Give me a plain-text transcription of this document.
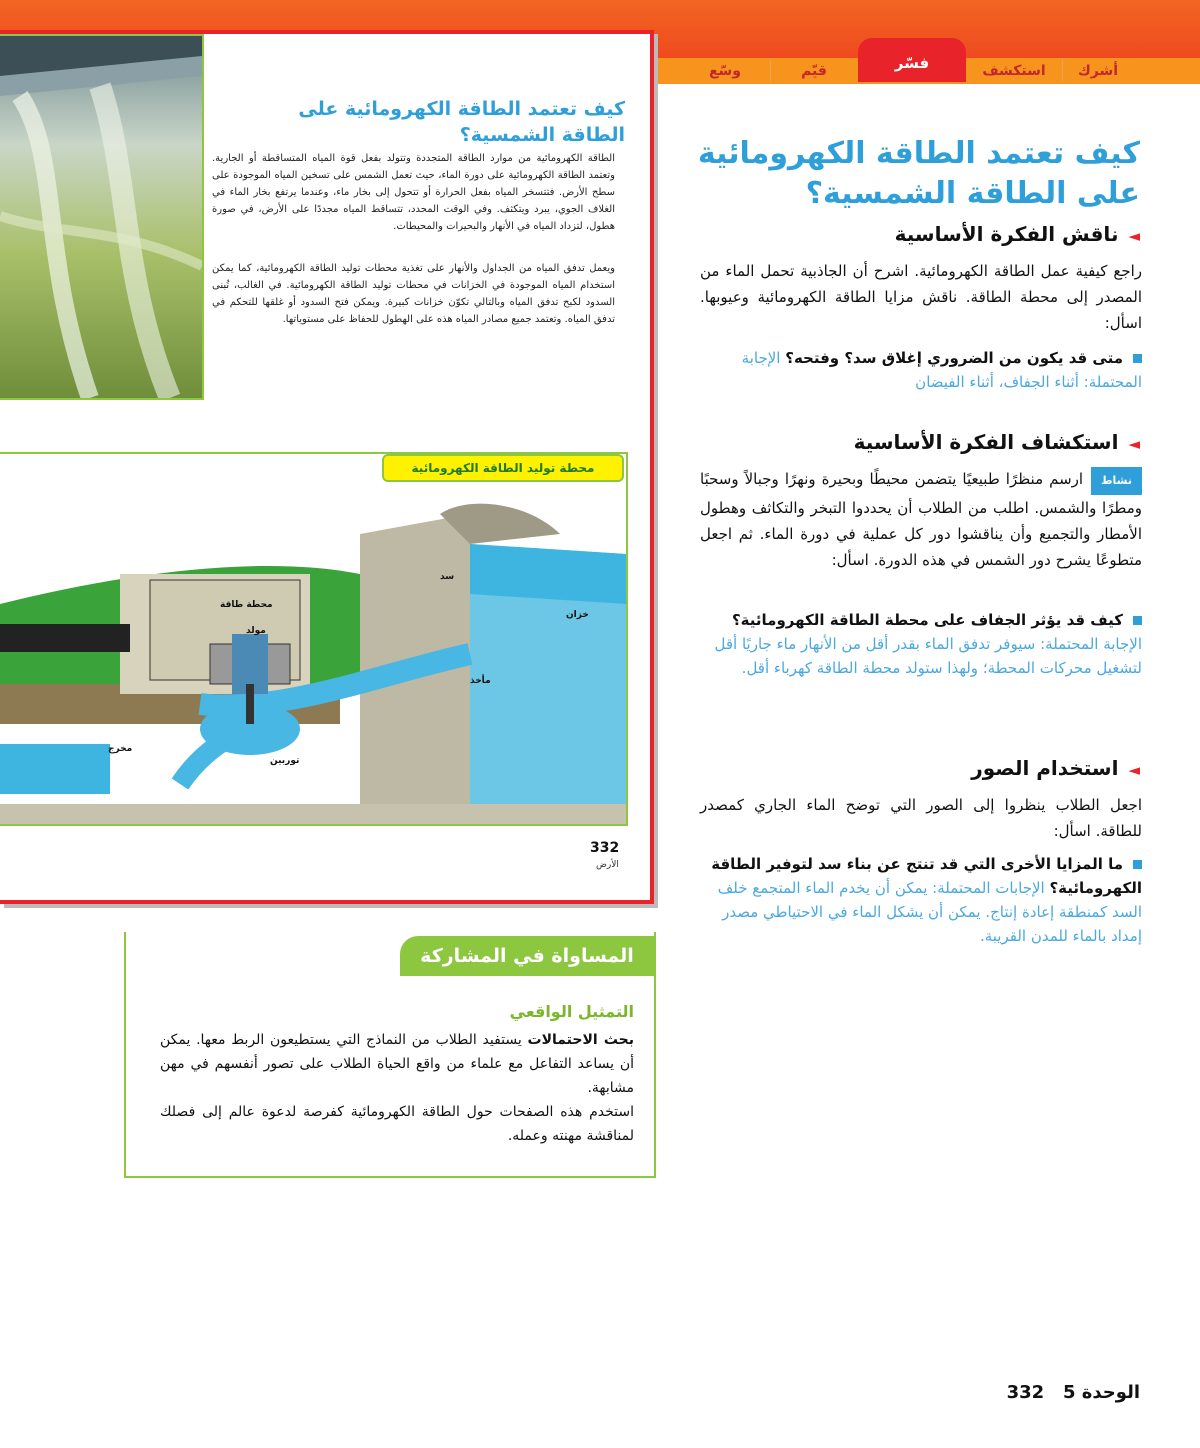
أشرك
استكشف
فسّر
قيّم
وسّع
كيف تعتمد الطاقة الكهرومائية على الطاقة الشمسية؟
الطاقة الكهرومائية من موارد الطاقة المتجددة وتتولد بفعل قوة المياه المتساقطة أو الجارية. وتعتمد الطاقة الكهرومائية على دورة الماء، حيث تعمل الشمس على تسخين المياه الموجودة على سطح الأرض. فتتسخر المياه بفعل الحرارة أو تتحول إلى بخار ماء، وعندما يرتفع بخار الماء في الغلاف الجوي، يبرد ويتكثف. وفي الوقت المحدد، تتساقط المياه مجددًا على الأرض، في صورة هطول، لتزداد المياه في الأنهار والبحيرات والمحيطات.
ويعمل تدفق المياه من الجداول والأنهار على تغذية محطات توليد الطاقة الكهرومائية، كما يمكن استخدام المياه الموجودة في الخزانات في محطات توليد الطاقة الكهرومائية. في الغالب، تُبنى السدود لكبح تدفق المياه وبالتالي تكوّن خزانات كبيرة. ويمكن فتح السدود أو غلقها للتحكم في تدفق المياه. وتعتمد جميع مصادر المياه هذه على الهطول للحفاظ على مستوياتها.
محطة توليد الطاقة الكهرومائية
سد
خزان
محطة طاقة
مولد
مأخذ
مخرج
توربين
332
الأرض
كيف تعتمد الطاقة الكهرومائية على الطاقة الشمسية؟
◄ناقش الفكرة الأساسية
راجع كيفية عمل الطاقة الكهرومائية. اشرح أن الجاذبية تحمل الماء من المصدر إلى محطة الطاقة. ناقش مزايا الطاقة الكهرومائية وعيوبها. اسأل:
متى قد يكون من الضروري إغلاق سد؟ وفتحه؟ الإجابة المحتملة: أثناء الجفاف، أثناء الفيضان
◄استكشاف الفكرة الأساسية
نشاطارسم منظرًا طبيعيًا يتضمن محيطًا وبحيرة ونهرًا وجبالاً وسحبًا ومطرًا والشمس. اطلب من الطلاب أن يحددوا التبخر والتكاثف وهطول الأمطار والتجميع وأن يناقشوا دور كل عملية في دورة الماء. ثم اجعل متطوعًا يشرح دور الشمس في هذه الدورة. اسأل:
كيف قد يؤثر الجفاف على محطة الطاقة الكهرومائية؟ الإجابة المحتملة: سيوفر تدفق الماء بقدر أقل من الأنهار ماء جاريًا أقل لتشغيل محركات المحطة؛ ولهذا ستولد محطة الطاقة كهرباء أقل.
◄استخدام الصور
اجعل الطلاب ينظروا إلى الصور التي توضح الماء الجاري كمصدر للطاقة. اسأل:
ما المزايا الأخرى التي قد تنتج عن بناء سد لتوفير الطاقة الكهرومائية؟ الإجابات المحتملة: يمكن أن يخدم الماء المتجمع خلف السد كمنطقة إعادة إنتاج. يمكن أن يشكل الماء في الاحتياطي مصدر إمداد بالماء للمدن القريبة.
المساواة في المشاركة
التمثيل الواقعي
بحث الاحتمالات يستفيد الطلاب من النماذج التي يستطيعون الربط معها. يمكن أن يساعد التفاعل مع علماء من واقع الحياة الطلاب على تصور أنفسهم في مهن مشابهة.
استخدم هذه الصفحات حول الطاقة الكهرومائية كفرصة لدعوة عالم إلى فصلك لمناقشة مهنته وعمله.
الوحدة 5   332
